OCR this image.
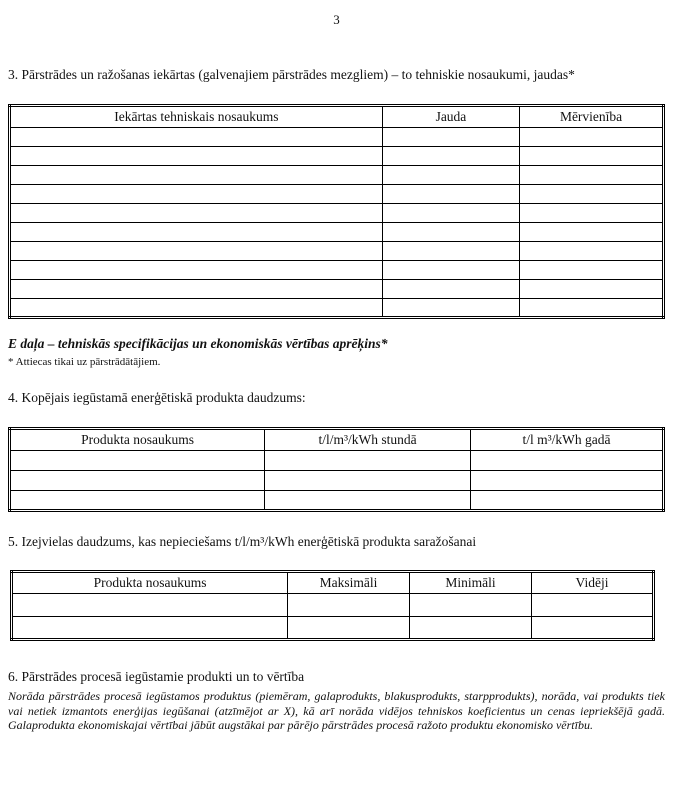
3

3. Pārstrādes un ražošanas iekārtas (galvenajiem pārstrādes mezgliem) – to tehniskie nosaukumi, jaudas*

Iekārtas tehniskais nosaukums	Jauda	Mērvienība

E daļa – tehniskās specifikācijas un ekonomiskās vērtības aprēķins*

* Attiecas tikai uz pārstrādātājiem.

4. Kopējais iegūstamā enerģētiskā produkta daudzums:

Produkta nosaukums	t/l/m³/kWh stundā	t/l m³/kWh gadā

5. Izejvielas daudzums, kas nepieciešams t/l/m³/kWh enerģētiskā produkta saražošanai

Produkta nosaukums	Maksimāli	Minimāli	Vidēji

6. Pārstrādes procesā iegūstamie produkti un to vērtība

Norāda pārstrādes procesā iegūstamos produktus (piemēram, galaprodukts, blakusprodukts, starpprodukts), norāda, vai produkts tiek vai netiek izmantots enerģijas iegūšanai (atzīmējot ar X), kā arī norāda vidējos tehniskos koeficientus un cenas iepriekšējā gadā. Galaprodukta ekonomiskajai vērtībai jābūt augstākai par pārējo pārstrādes procesā ražoto produktu ekonomisko vērtību.
